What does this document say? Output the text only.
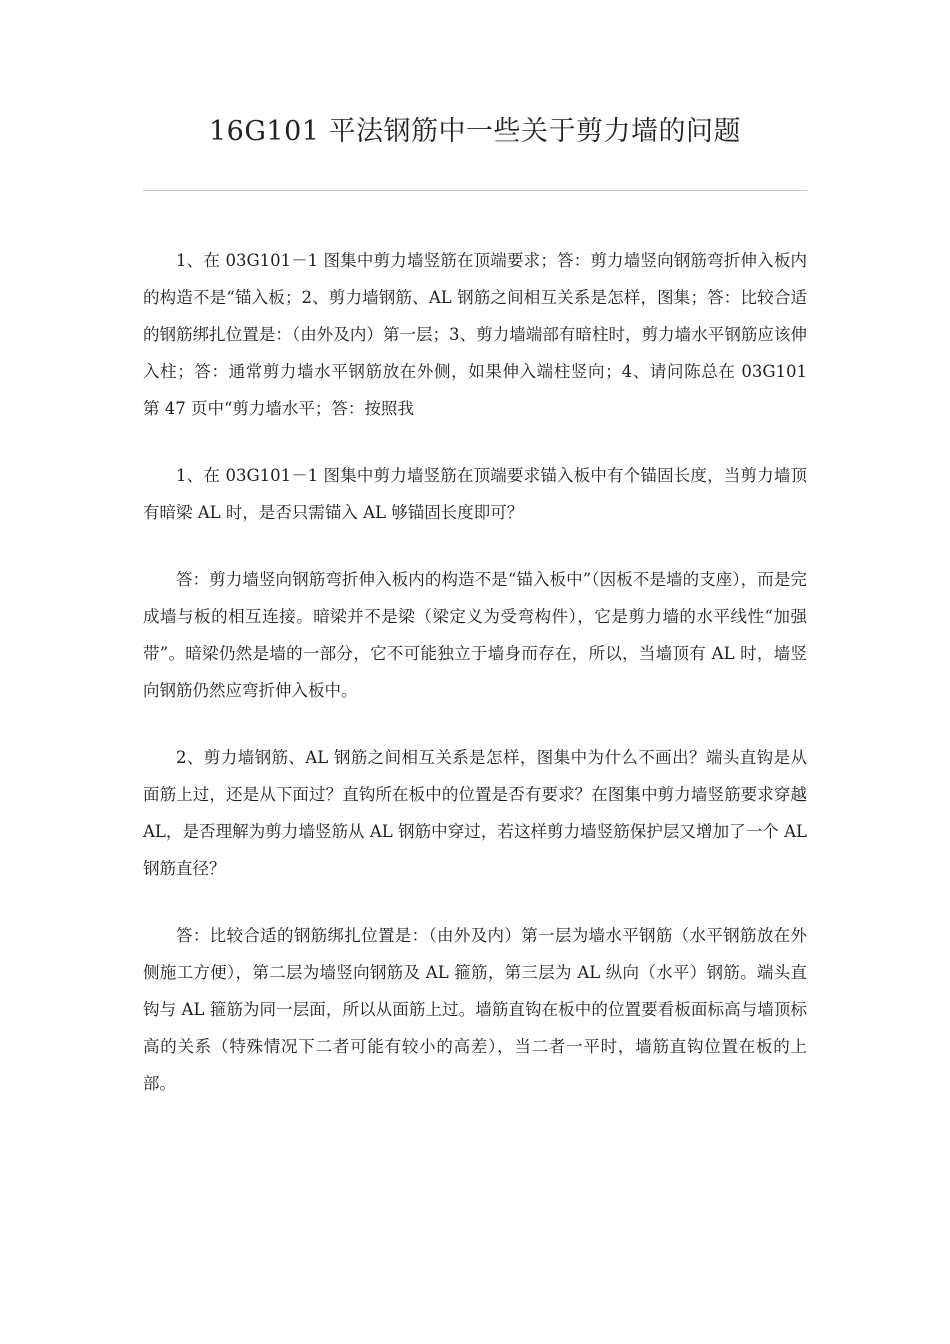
16G101 平法钢筋中一些关于剪力墙的问题

1、在 03G101－1 图集中剪力墙竖筋在顶端要求；答：剪力墙竖向钢筋弯折伸入板内的构造不是“锚入板；2、剪力墙钢筋、AL 钢筋之间相互关系是怎样，图集；答：比较合适的钢筋绑扎位置是：（由外及内）第一层；3、剪力墙端部有暗柱时，剪力墙水平钢筋应该伸入柱；答：通常剪力墙水平钢筋放在外侧，如果伸入端柱竖向；4、请问陈总在 03G101 第 47 页中“剪力墙水平；答：按照我

1、在 03G101－1 图集中剪力墙竖筋在顶端要求锚入板中有个锚固长度，当剪力墙顶有暗梁 AL 时，是否只需锚入 AL 够锚固长度即可？

答：剪力墙竖向钢筋弯折伸入板内的构造不是“锚入板中”（因板不是墙的支座），而是完成墙与板的相互连接。暗梁并不是梁（梁定义为受弯构件），它是剪力墙的水平线性“加强带”。暗梁仍然是墙的一部分，它不可能独立于墙身而存在，所以，当墙顶有 AL 时，墙竖向钢筋仍然应弯折伸入板中。

2、剪力墙钢筋、AL 钢筋之间相互关系是怎样，图集中为什么不画出？端头直钩是从面筋上过，还是从下面过？直钩所在板中的位置是否有要求？在图集中剪力墙竖筋要求穿越 AL，是否理解为剪力墙竖筋从 AL 钢筋中穿过，若这样剪力墙竖筋保护层又增加了一个 AL 钢筋直径？

答：比较合适的钢筋绑扎位置是：（由外及内）第一层为墙水平钢筋（水平钢筋放在外侧施工方便），第二层为墙竖向钢筋及 AL 箍筋，第三层为 AL 纵向（水平）钢筋。端头直钩与 AL 箍筋为同一层面，所以从面筋上过。墙筋直钩在板中的位置要看板面标高与墙顶标高的关系（特殊情况下二者可能有较小的高差），当二者一平时，墙筋直钩位置在板的上部。
